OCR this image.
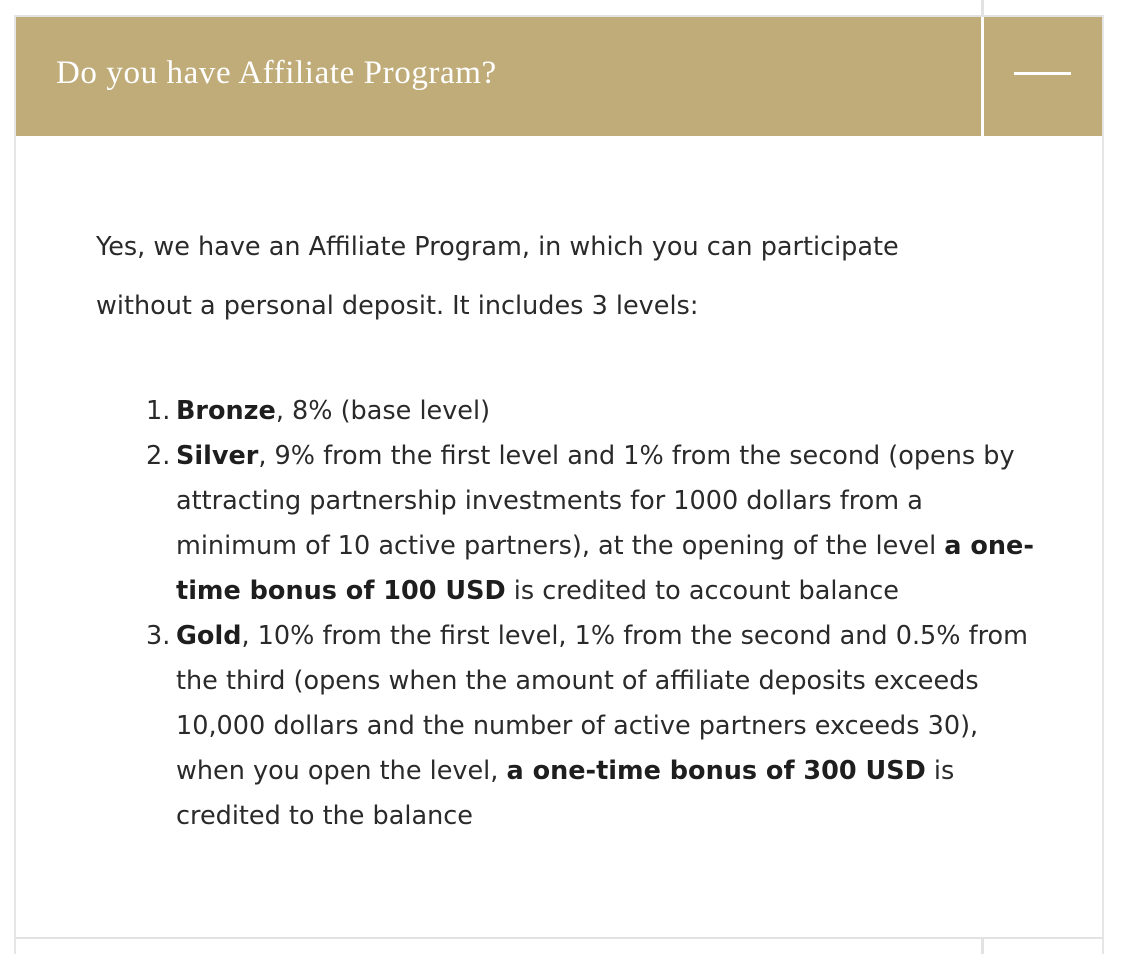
Do you have Affiliate Program?

Yes, we have an Affiliate Program, in which you can participate
without a personal deposit. It includes 3 levels:

1. Bronze, 8% (base level)
2. Silver, 9% from the first level and 1% from the second (opens by attracting partnership investments for 1000 dollars from a minimum of 10 active partners), at the opening of the level a one-time bonus of 100 USD is credited to account balance
3. Gold, 10% from the first level, 1% from the second and 0.5% from the third (opens when the amount of affiliate deposits exceeds 10,000 dollars and the number of active partners exceeds 30), when you open the level, a one-time bonus of 300 USD is credited to the balance
